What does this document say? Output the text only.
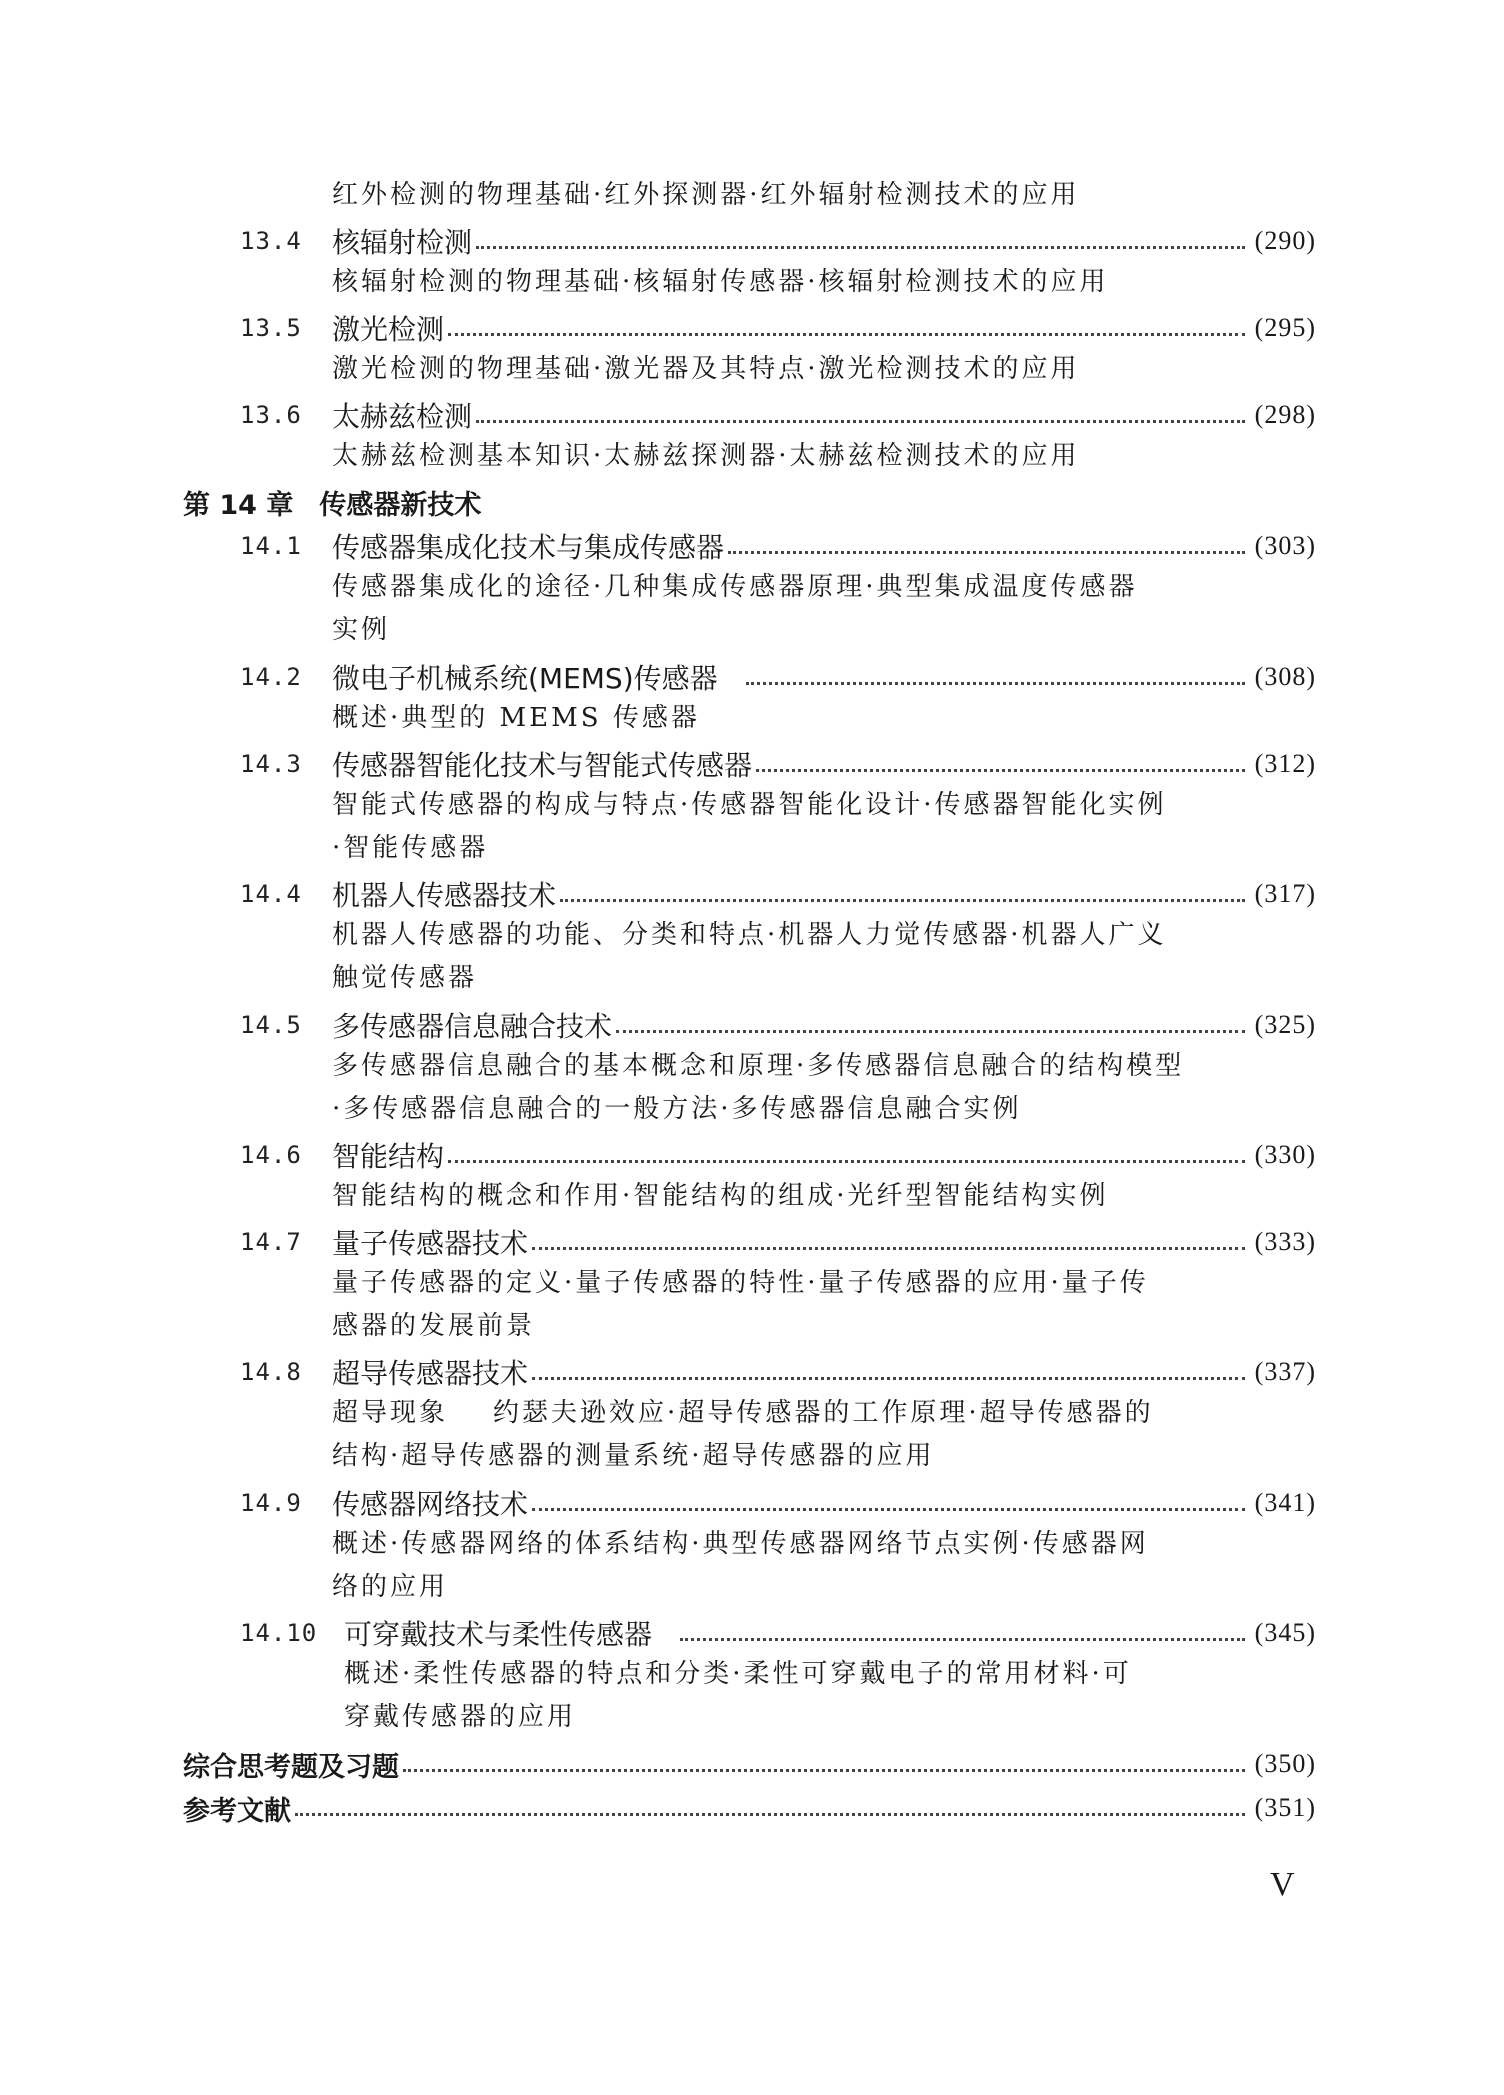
红外检测的物理基础·红外探测器·红外辐射检测技术的应用
13.4	核辐射检测	(290)
核辐射检测的物理基础·核辐射传感器·核辐射检测技术的应用
13.5	激光检测	(295)
激光检测的物理基础·激光器及其特点·激光检测技术的应用
13.6	太赫兹检测	(298)
太赫兹检测基本知识·太赫兹探测器·太赫兹检测技术的应用
第 14 章 传感器新技术
14.1	传感器集成化技术与集成传感器	(303)
传感器集成化的途径·几种集成传感器原理·典型集成温度传感器
实例
14.2	微电子机械系统(MEMS)传感器	(308)
概述·典型的 MEMS 传感器
14.3	传感器智能化技术与智能式传感器	(312)
智能式传感器的构成与特点·传感器智能化设计·传感器智能化实例
·智能传感器
14.4	机器人传感器技术	(317)
机器人传感器的功能、分类和特点·机器人力觉传感器·机器人广义
触觉传感器
14.5	多传感器信息融合技术	(325)
多传感器信息融合的基本概念和原理·多传感器信息融合的结构模型
·多传感器信息融合的一般方法·多传感器信息融合实例
14.6	智能结构	(330)
智能结构的概念和作用·智能结构的组成·光纤型智能结构实例
14.7	量子传感器技术	(333)
量子传感器的定义·量子传感器的特性·量子传感器的应用·量子传
感器的发展前景
14.8	超导传感器技术	(337)
超导现象    约瑟夫逊效应·超导传感器的工作原理·超导传感器的
结构·超导传感器的测量系统·超导传感器的应用
14.9	传感器网络技术	(341)
概述·传感器网络的体系结构·典型传感器网络节点实例·传感器网
络的应用
14.10 可穿戴技术与柔性传感器	(345)
概述·柔性传感器的特点和分类·柔性可穿戴电子的常用材料·可
穿戴传感器的应用
综合思考题及习题	(350)
参考文献	(351)
V
